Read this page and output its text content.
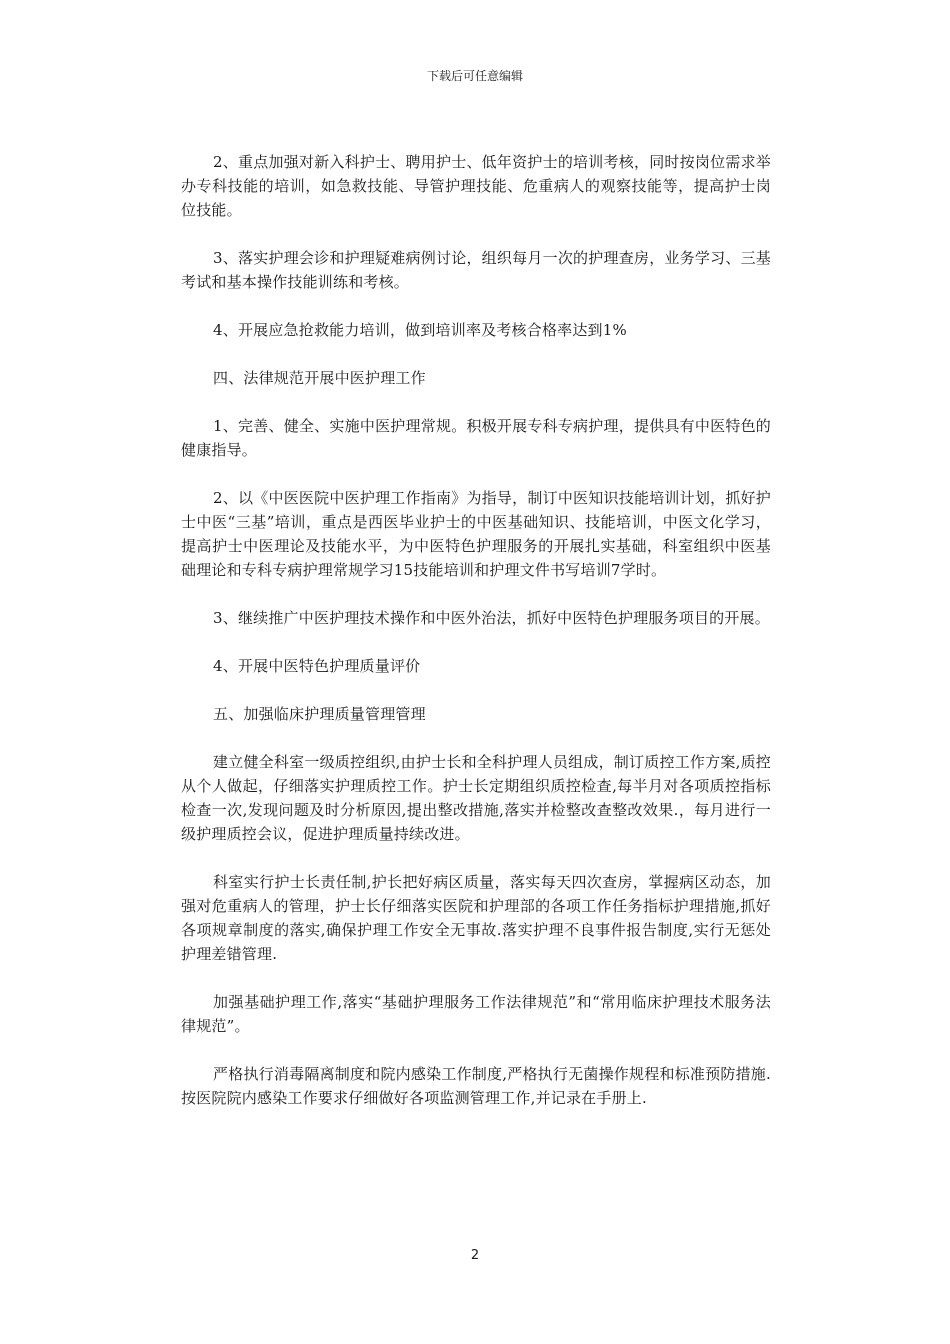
下载后可任意编辑

2、重点加强对新入科护士、聘用护士、低年资护士的培训考核，同时按岗位需求举办专科技能的培训，如急救技能、导管护理技能、危重病人的观察技能等，提高护士岗位技能。

3、落实护理会诊和护理疑难病例讨论，组织每月一次的护理查房，业务学习、三基考试和基本操作技能训练和考核。

4、开展应急抢救能力培训，做到培训率及考核合格率达到1%

四、法律规范开展中医护理工作

1、完善、健全、实施中医护理常规。积极开展专科专病护理，提供具有中医特色的健康指导。

2、以《中医医院中医护理工作指南》为指导，制订中医知识技能培训计划，抓好护士中医“三基”培训，重点是西医毕业护士的中医基础知识、技能培训，中医文化学习，提高护士中医理论及技能水平，为中医特色护理服务的开展扎实基础，科室组织中医基础理论和专科专病护理常规学习15技能培训和护理文件书写培训7学时。

3、继续推广中医护理技术操作和中医外治法，抓好中医特色护理服务项目的开展。

4、开展中医特色护理质量评价

五、加强临床护理质量管理管理

建立健全科室一级质控组织,由护士长和全科护理人员组成，制订质控工作方案,质控从个人做起，仔细落实护理质控工作。护士长定期组织质控检查,每半月对各项质控指标检查一次,发现问题及时分析原因,提出整改措施,落实并检整改查整改效果.，每月进行一级护理质控会议，促进护理质量持续改进。

科室实行护士长责任制,护长把好病区质量，落实每天四次查房，掌握病区动态，加强对危重病人的管理，护士长仔细落实医院和护理部的各项工作任务指标护理措施,抓好各项规章制度的落实,确保护理工作安全无事故.落实护理不良事件报告制度,实行无惩处护理差错管理.

加强基础护理工作,落实“基础护理服务工作法律规范”和“常用临床护理技术服务法律规范”。

严格执行消毒隔离制度和院内感染工作制度,严格执行无菌操作规程和标准预防措施.按医院院内感染工作要求仔细做好各项监测管理工作,并记录在手册上.

2
